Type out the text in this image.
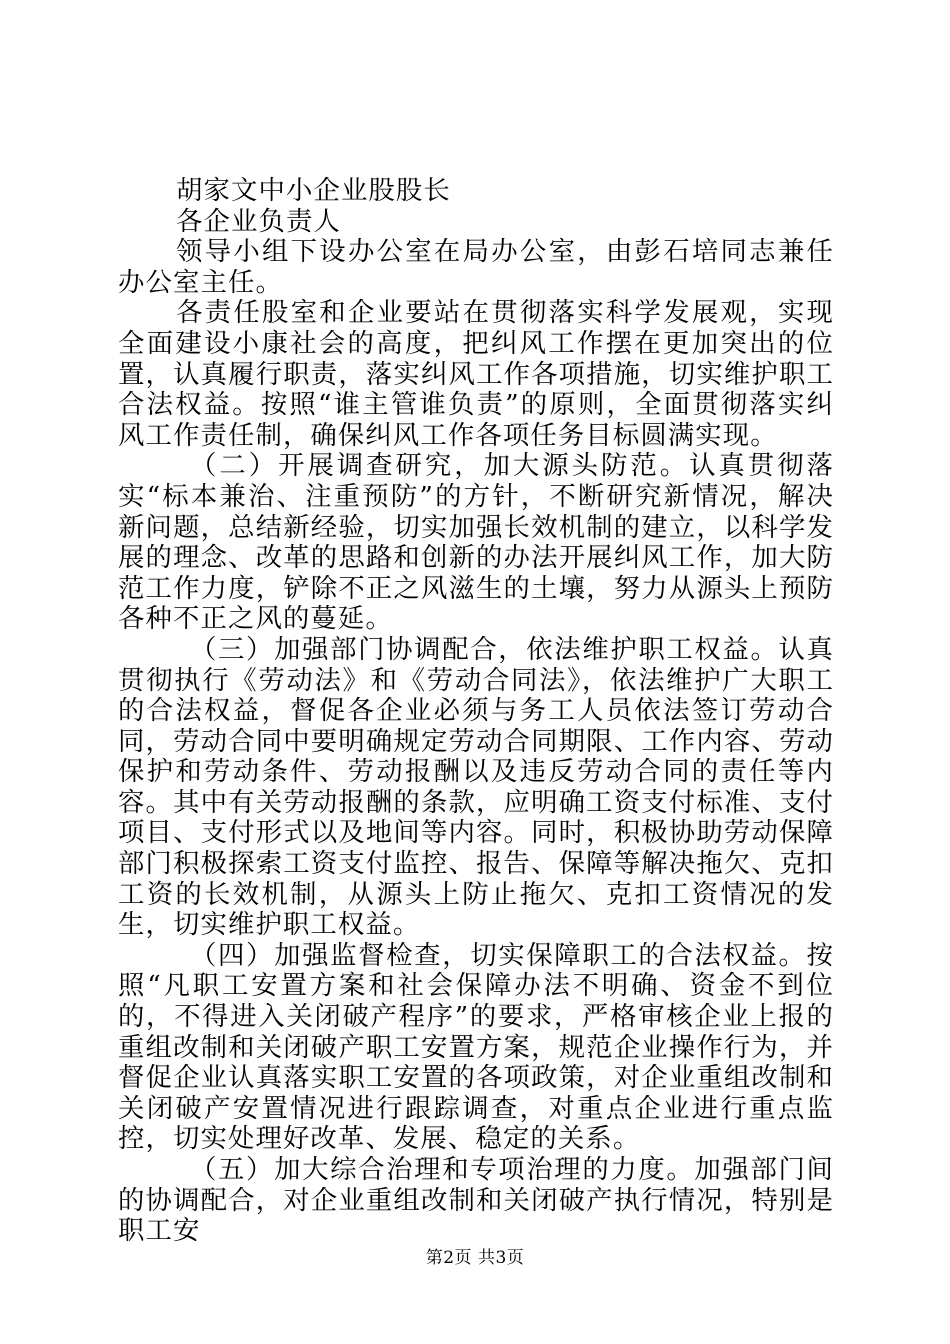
胡家文中小企业股股长

各企业负责人

领导小组下设办公室在局办公室，由彭石培同志兼任办公室主任。

各责任股室和企业要站在贯彻落实科学发展观，实现全面建设小康社会的高度，把纠风工作摆在更加突出的位置，认真履行职责，落实纠风工作各项措施，切实维护职工合法权益。按照“谁主管谁负责”的原则，全面贯彻落实纠风工作责任制，确保纠风工作各项任务目标圆满实现。

（二）开展调查研究，加大源头防范。认真贯彻落实“标本兼治、注重预防”的方针，不断研究新情况，解决新问题，总结新经验，切实加强长效机制的建立，以科学发展的理念、改革的思路和创新的办法开展纠风工作，加大防范工作力度，铲除不正之风滋生的土壤，努力从源头上预防各种不正之风的蔓延。

（三）加强部门协调配合，依法维护职工权益。认真贯彻执行《劳动法》和《劳动合同法》，依法维护广大职工的合法权益，督促各企业必须与务工人员依法签订劳动合同，劳动合同中要明确规定劳动合同期限、工作内容、劳动保护和劳动条件、劳动报酬以及违反劳动合同的责任等内容。其中有关劳动报酬的条款，应明确工资支付标准、支付项目、支付形式以及地间等内容。同时，积极协助劳动保障部门积极探索工资支付监控、报告、保障等解决拖欠、克扣工资的长效机制，从源头上防止拖欠、克扣工资情况的发生，切实维护职工权益。

（四）加强监督检查，切实保障职工的合法权益。按照“凡职工安置方案和社会保障办法不明确、资金不到位的，不得进入关闭破产程序”的要求，严格审核企业上报的重组改制和关闭破产职工安置方案，规范企业操作行为，并督促企业认真落实职工安置的各项政策，对企业重组改制和关闭破产安置情况进行跟踪调查，对重点企业进行重点监控，切实处理好改革、发展、稳定的关系。

（五）加大综合治理和专项治理的力度。加强部门间的协调配合，对企业重组改制和关闭破产执行情况，特别是职工安

第2页 共3页
